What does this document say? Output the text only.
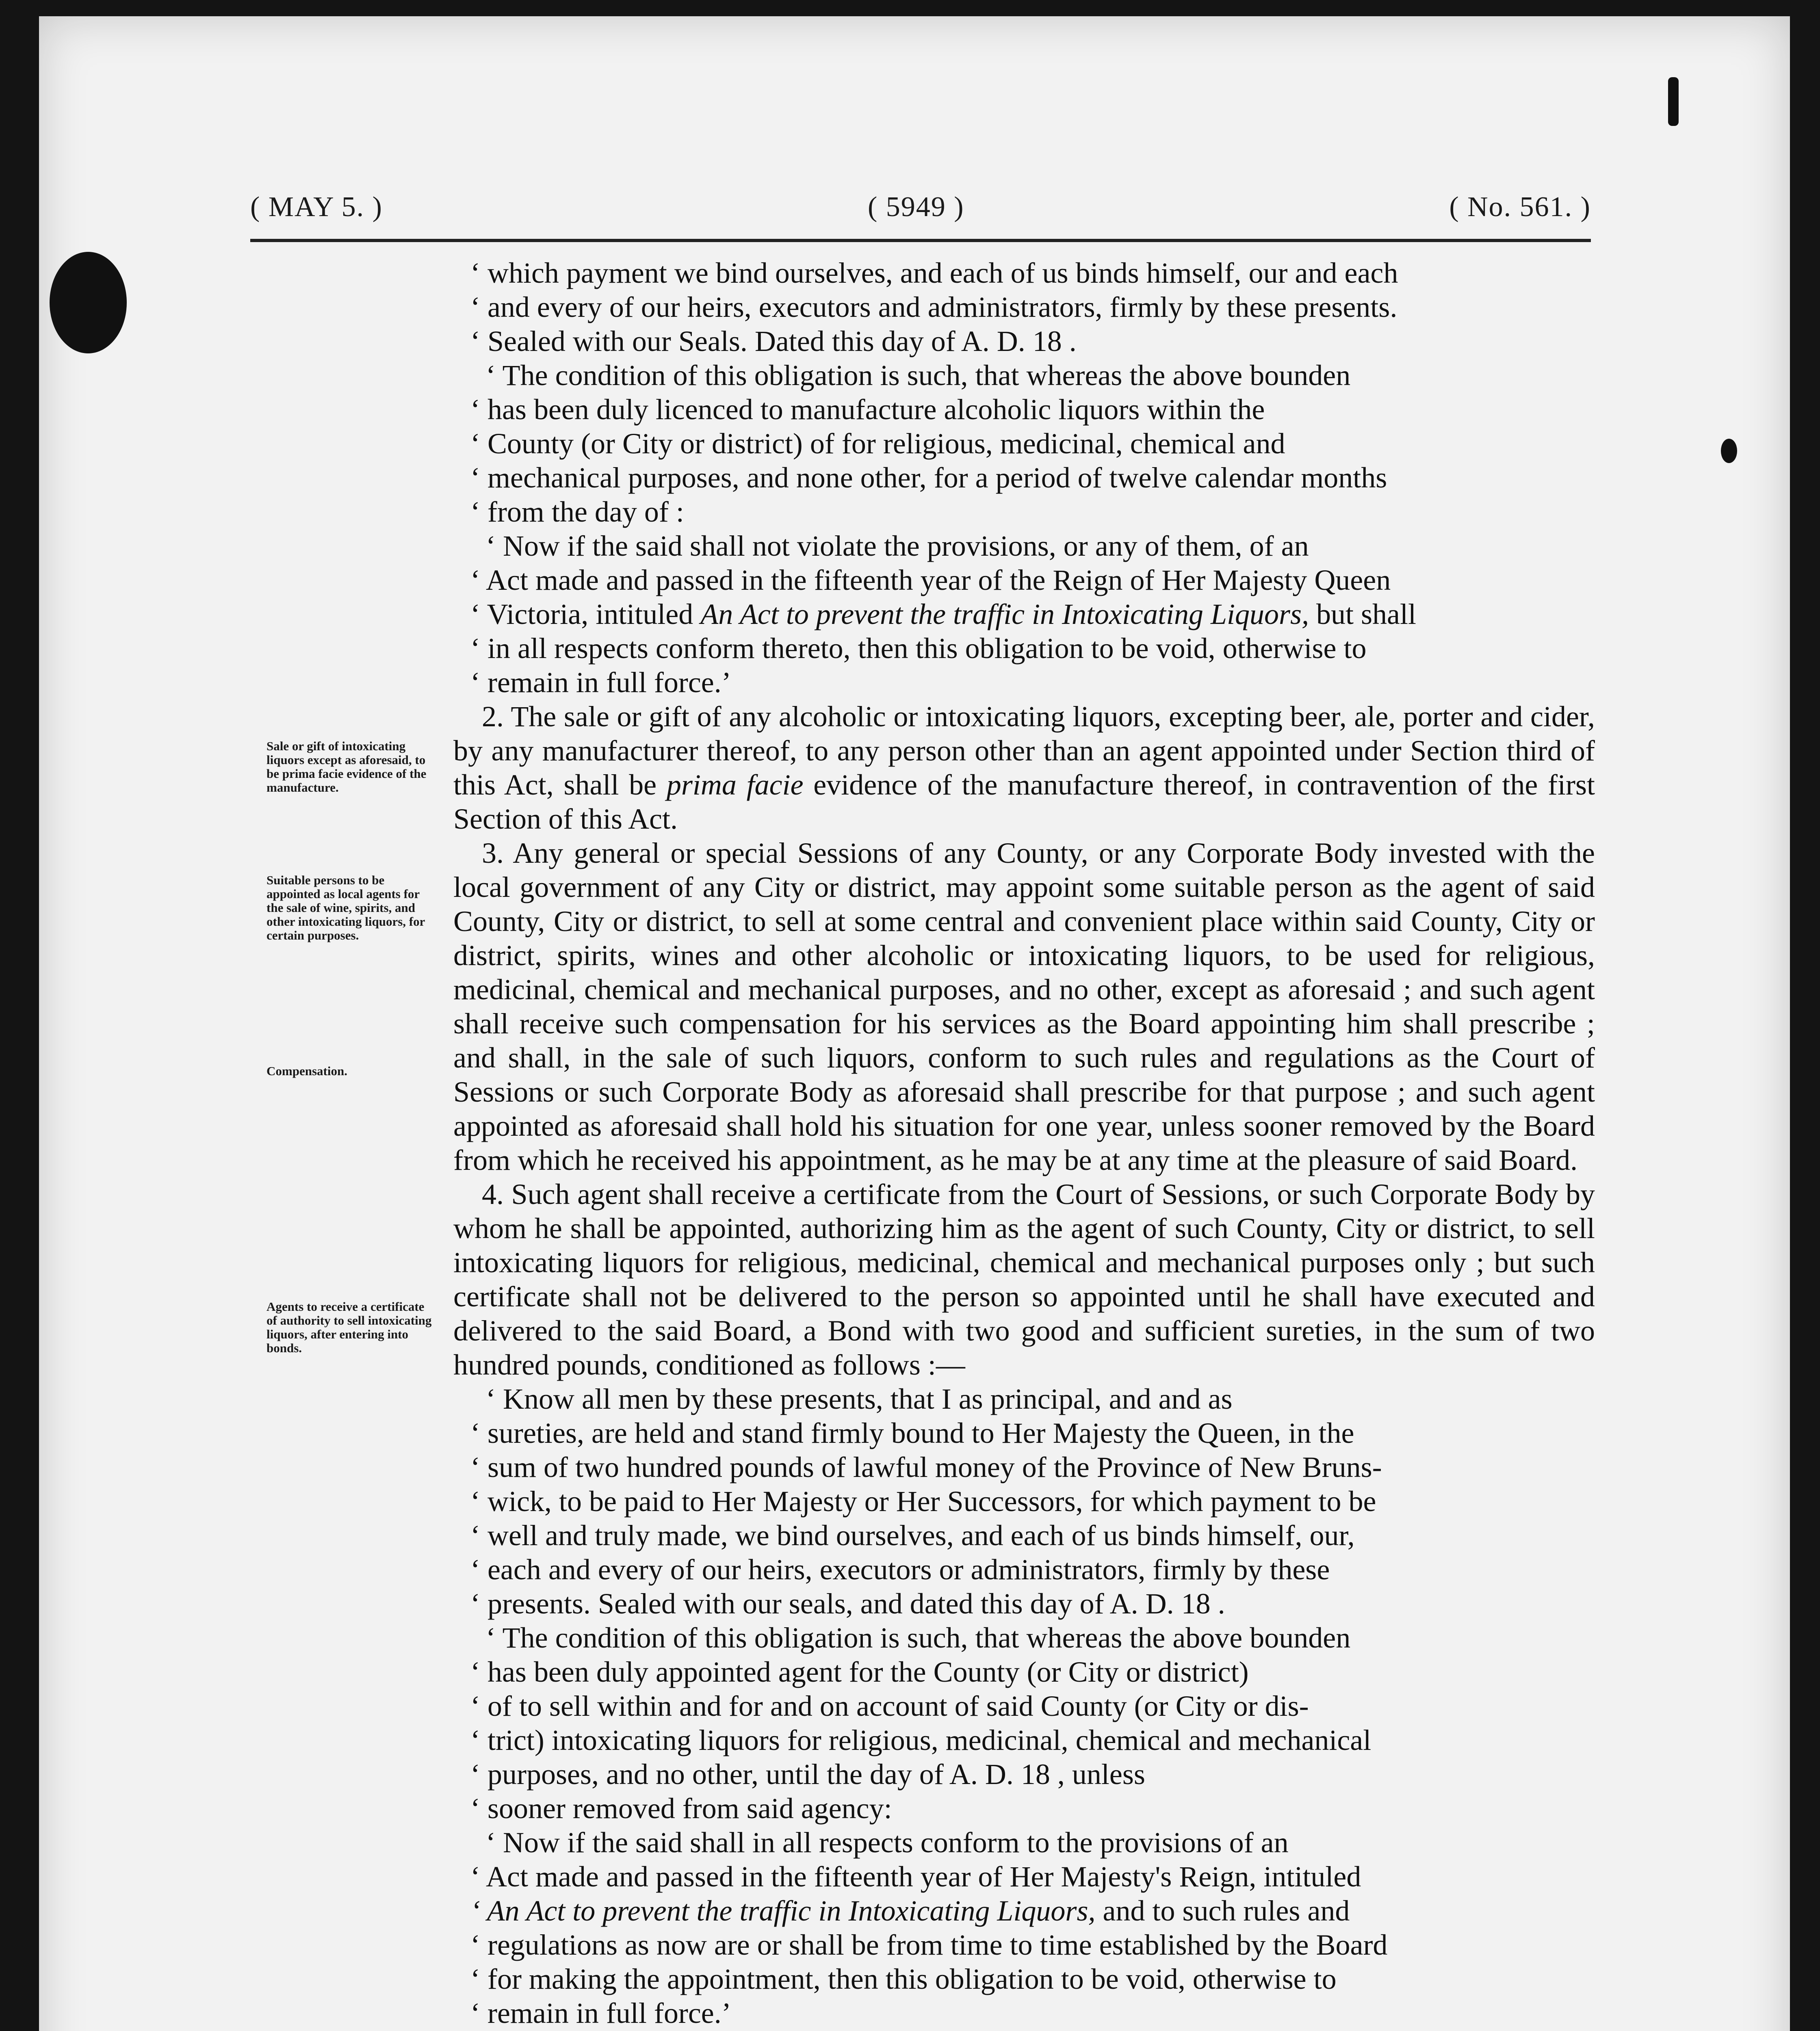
( MAY 5. )	( 5949 )	( No. 561. )
Sale or gift of intoxicating liquors except as aforesaid, to be prima facie evidence of the manufacture.
Suitable persons to be appointed as local agents for the sale of wine, spirits, and other intoxicating liquors, for certain purposes.
Compensation.
Agents to receive a certificate of authority to sell intoxicating liquors, after entering into bonds.

‘ which payment we bind ourselves, and each of us binds himself, our and each

‘ and every of our heirs, executors and administrators, firmly by these presents.

‘ Sealed with our Seals. Dated this day of A. D. 18 .

‘ The condition of this obligation is such, that whereas the above bounden

‘ has been duly licenced to manufacture alcoholic liquors within the

‘ County (or City or district) of for religious, medicinal, chemical and

‘ mechanical purposes, and none other, for a period of twelve calendar months

‘ from the day of :

‘ Now if the said shall not violate the provisions, or any of them, of an

‘ Act made and passed in the fifteenth year of the Reign of Her Majesty Queen

‘ Victoria, intituled An Act to prevent the traffic in Intoxicating Liquors, but shall

‘ in all respects conform thereto, then this obligation to be void, otherwise to

‘ remain in full force.’

2. The sale or gift of any alcoholic or intoxicating liquors, excepting beer, ale, porter and cider, by any manufacturer thereof, to any person other than an agent appointed under Section third of this Act, shall be prima facie evidence of the manufacture thereof, in contravention of the first Section of this Act.

3. Any general or special Sessions of any County, or any Corporate Body invested with the local government of any City or district, may appoint some suitable person as the agent of said County, City or district, to sell at some central and convenient place within said County, City or district, spirits, wines and other alcoholic or intoxicating liquors, to be used for religious, medicinal, chemical and mechanical purposes, and no other, except as aforesaid ; and such agent shall receive such compensation for his services as the Board appointing him shall prescribe ; and shall, in the sale of such liquors, conform to such rules and regulations as the Court of Sessions or such Corporate Body as aforesaid shall prescribe for that purpose ; and such agent appointed as aforesaid shall hold his situation for one year, unless sooner removed by the Board from which he received his appointment, as he may be at any time at the pleasure of said Board.

4. Such agent shall receive a certificate from the Court of Sessions, or such Corporate Body by whom he shall be appointed, authorizing him as the agent of such County, City or district, to sell intoxicating liquors for religious, medicinal, chemical and mechanical purposes only ; but such certificate shall not be delivered to the person so appointed until he shall have executed and delivered to the said Board, a Bond with two good and sufficient sureties, in the sum of two hundred pounds, conditioned as follows :—

‘ Know all men by these presents, that I as principal, and and as

‘ sureties, are held and stand firmly bound to Her Majesty the Queen, in the

‘ sum of two hundred pounds of lawful money of the Province of New Bruns-

‘ wick, to be paid to Her Majesty or Her Successors, for which payment to be

‘ well and truly made, we bind ourselves, and each of us binds himself, our,

‘ each and every of our heirs, executors or administrators, firmly by these

‘ presents. Sealed with our seals, and dated this day of A. D. 18 .

‘ The condition of this obligation is such, that whereas the above bounden

‘ has been duly appointed agent for the County (or City or district)

‘ of to sell within and for and on account of said County (or City or dis-

‘ trict) intoxicating liquors for religious, medicinal, chemical and mechanical

‘ purposes, and no other, until the day of A. D. 18 , unless

‘ sooner removed from said agency:

‘ Now if the said shall in all respects conform to the provisions of an

‘ Act made and passed in the fifteenth year of Her Majesty's Reign, intituled

‘ An Act to prevent the traffic in Intoxicating Liquors, and to such rules and

‘ regulations as now are or shall be from time to time established by the Board

‘ for making the appointment, then this obligation to be void, otherwise to

‘ remain in full force.’
